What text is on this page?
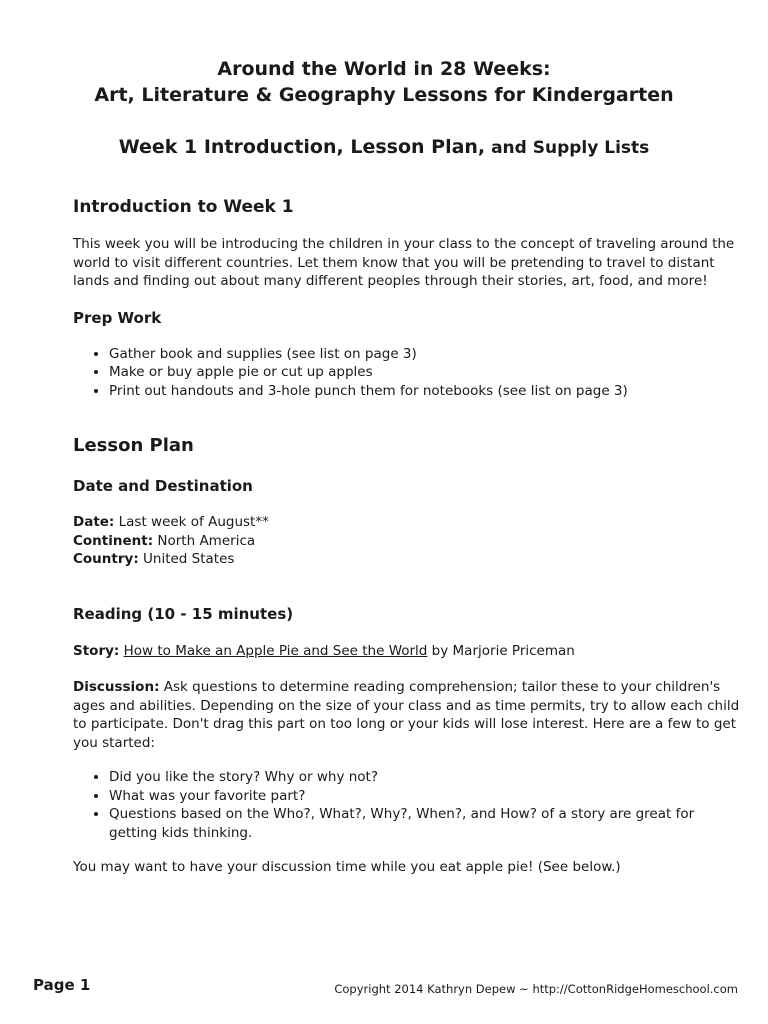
Around the World in 28 Weeks:

Art, Literature & Geography Lessons for Kindergarten

Week 1 Introduction, Lesson Plan, and Supply Lists

Introduction to Week 1

This week you will be introducing the children in your class to the concept of traveling around the world to visit different countries. Let them know that you will be pretending to travel to distant lands and finding out about many different peoples through their stories, art, food, and more!

Prep Work
• Gather book and supplies (see list on page 3)
• Make or buy apple pie or cut up apples
• Print out handouts and 3-hole punch them for notebooks (see list on page 3)
Lesson Plan
Date and Destination

Date: Last week of August**

Continent: North America

Country: United States

Reading (10 - 15 minutes)

Story: How to Make an Apple Pie and See the World by Marjorie Priceman

Discussion: Ask questions to determine reading comprehension; tailor these to your children's ages and abilities. Depending on the size of your class and as time permits, try to allow each child to participate. Don't drag this part on too long or your kids will lose interest. Here are a few to get you started:

• Did you like the story? Why or why not?
• What was your favorite part?
• Questions based on the Who?, What?, Why?, When?, and How? of a story are great for getting kids thinking.

You may want to have your discussion time while you eat apple pie! (See below.)

Page 1	Copyright 2014 Kathryn Depew ~ http://CottonRidgeHomeschool.com
